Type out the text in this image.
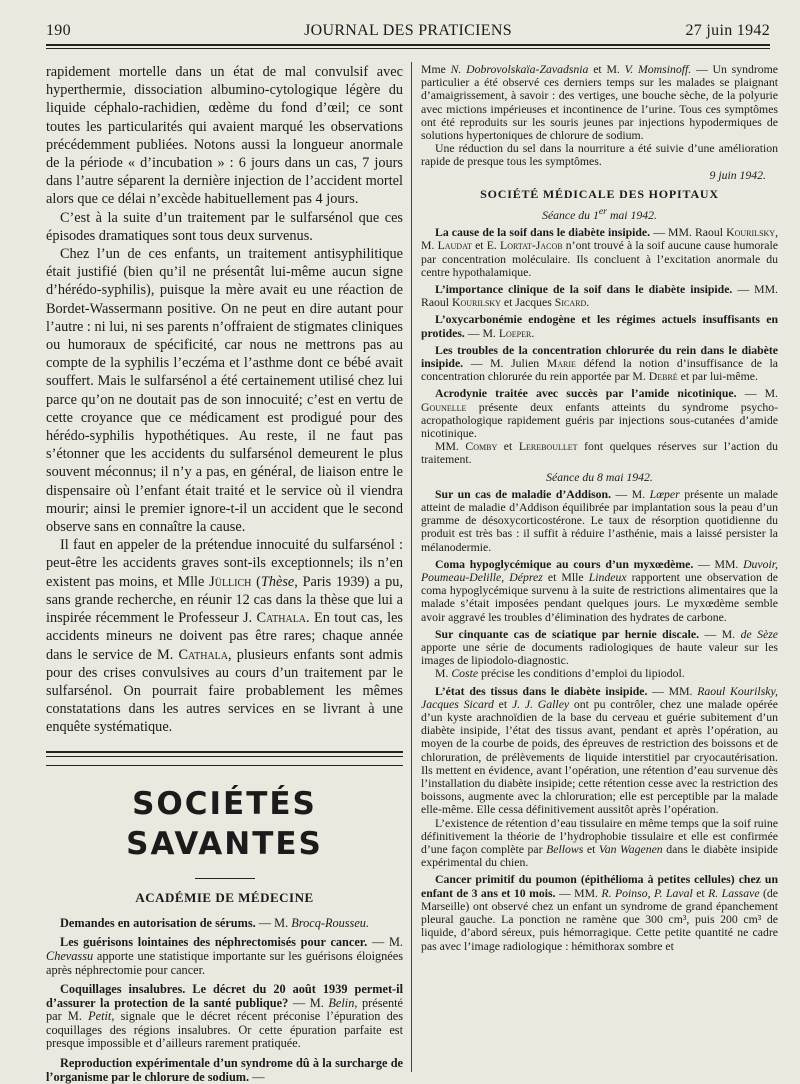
190	JOURNAL DES PRATICIENS	27 juin 1942

rapidement mortelle dans un état de mal convulsif avec hyperthermie, dissociation albumino-cytologique légère du liquide céphalo-rachidien, œdème du fond d’œil; ce sont toutes les particularités qui avaient marqué les observations précédemment publiées. Notons aussi la longueur anormale de la période « d’incubation » : 6 jours dans un cas, 7 jours dans l’autre séparent la dernière injection de l’accident mortel alors que ce délai n’excède habituellement pas 4 jours.

C’est à la suite d’un traitement par le sulfarsénol que ces épisodes dramatiques sont tous deux survenus.

Chez l’un de ces enfants, un traitement antisyphilitique était justifié (bien qu’il ne présentât lui-même aucun signe d’hérédo-syphilis), puisque la mère avait eu une réaction de Bordet-Wassermann positive. On ne peut en dire autant pour l’autre : ni lui, ni ses parents n’offraient de stigmates cliniques ou humoraux de spécificité, car nous ne mettrons pas au compte de la syphilis l’eczéma et l’asthme dont ce bébé avait souffert. Mais le sulfarsénol a été certainement utilisé chez lui parce qu’on ne doutait pas de son innocuité; c’est en vertu de cette croyance que ce médicament est prodigué pour des hérédo-syphilis hypothétiques. Au reste, il ne faut pas s’étonner que les accidents du sulfarsénol demeurent le plus souvent méconnus; il n’y a pas, en général, de liaison entre le dispensaire où l’enfant était traité et le service où il viendra mourir; ainsi le premier ignore-t-il un accident que le second observe sans en connaître la cause.

Il faut en appeler de la prétendue innocuité du sulfarsénol : peut-être les accidents graves sont-ils exceptionnels; ils n’en existent pas moins, et Mlle Jüllich (Thèse, Paris 1939) a pu, sans grande recherche, en réunir 12 cas dans la thèse que lui a inspirée récemment le Professeur J. Cathala. En tout cas, les accidents mineurs ne doivent pas être rares; chaque année dans le service de M. Cathala, plusieurs enfants sont admis pour des crises convulsives au cours d’un traitement par le sulfarsénol. On pourrait faire probablement les mêmes constatations dans les autres services en se livrant à une enquête systématique.

SOCIÉTÉS SAVANTES
ACADÉMIE DE MÉDECINE

Demandes en autorisation de sérums. — M. Brocq-Rousseu.

Les guérisons lointaines des néphrectomisés pour cancer. — M. Chevassu apporte une statistique importante sur les guérisons éloignées après néphrectomie pour cancer.

Coquillages insalubres. Le décret du 20 août 1939 permet-il d’assurer la protection de la santé publique? — M. Belin, présenté par M. Petit, signale que le décret récent préconise l’épuration des coquillages des régions insalubres. Or cette épuration parfaite est presque impossible et d’ailleurs rarement pratiquée.

Reproduction expérimentale d’un syndrome dû à la surcharge de l’organisme par le chlorure de sodium. —

Mme N. Dobrovolskaïa-Zavadsnia et M. V. Momsinoff. — Un syndrome particulier a été observé ces derniers temps sur les malades se plaignant d’amaigrissement, à savoir : des vertiges, une bouche sèche, de la polyurie avec mictions impérieuses et incontinence de l’urine. Tous ces symptômes ont été reproduits sur les souris jeunes par injections hypodermiques de solutions hypertoniques de chlorure de sodium.

Une réduction du sel dans la nourriture a été suivie d’une amélioration rapide de presque tous les symptômes.

9 juin 1942.

SOCIÉTÉ MÉDICALE DES HOPITAUX

Séance du 1er mai 1942.

La cause de la soif dans le diabète insipide. — MM. Raoul Kourilsky, M. Laudat et E. Lortat-Jacob n’ont trouvé à la soif aucune cause humorale par concentration moléculaire. Ils concluent à l’excitation anormale du centre hypothalamique.

L’importance clinique de la soif dans le diabète insipide. — MM. Raoul Kourilsky et Jacques Sicard.

L’oxycarbonémie endogène et les régimes actuels insuffisants en protides. — M. Loeper.

Les troubles de la concentration chlorurée du rein dans le diabète insipide. — M. Julien Marie défend la notion d’insuffisance de la concentration chlorurée du rein apportée par M. Debré et par lui-même.

Acrodynie traitée avec succès par l’amide nicotinique. — M. Gounelle présente deux enfants atteints du syndrome psycho-acropathologique rapidement guéris par injections sous-cutanées d’amide nicotinique.

MM. Comby et Lereboullet font quelques réserves sur l’action du traitement.

Séance du 8 mai 1942.

Sur un cas de maladie d’Addison. — M. Lœper présente un malade atteint de maladie d’Addison équilibrée par implantation sous la peau d’un gramme de désoxycorticostérone. Le taux de résorption quotidienne du produit est très bas : il suffit à réduire l’asthénie, mais a laissé persister la mélanodermie.

Coma hypoglycémique au cours d’un myxœdème. — MM. Duvoir, Poumeau-Delille, Déprez et Mlle Lindeux rapportent une observation de coma hypoglycémique survenu à la suite de restrictions alimentaires que la malade s’était imposées pendant quelques jours. Le myxœdème semble avoir aggravé les troubles d’élimination des hydrates de carbone.

Sur cinquante cas de sciatique par hernie discale. — M. de Sèze apporte une série de documents radiologiques de haute valeur sur les images de lipiodolo-diagnostic.

M. Coste précise les conditions d’emploi du lipiodol.

L’état des tissus dans le diabète insipide. — MM. Raoul Kourilsky, Jacques Sicard et J. J. Galley ont pu contrôler, chez une malade opérée d’un kyste arachnoïdien de la base du cerveau et guérie subitement d’un diabète insipide, l’état des tissus avant, pendant et après l’opération, au moyen de la courbe de poids, des épreuves de restriction des boissons et de chloruration, de prélèvements de liquide interstitiel par cryocautérisation. Ils mettent en évidence, avant l’opération, une rétention d’eau survenue dès l’installation du diabète insipide; cette rétention cesse avec la restriction des boissons, augmente avec la chloruration; elle est perceptible par la malade elle-même. Elle cessa définitivement aussitôt après l’opération.

L’existence de rétention d’eau tissulaire en même temps que la soif ruine définitivement la théorie de l’hydrophobie tissulaire et elle est confirmée d’une façon complète par Bellows et Van Wagenen dans le diabète insipide expérimental du chien.

Cancer primitif du poumon (épithélioma à petites cellules) chez un enfant de 3 ans et 10 mois. — MM. R. Poinso, P. Laval et R. Lassave (de Marseille) ont observé chez un enfant un syndrome de grand épanchement pleural gauche. La ponction ne ramène que 300 cm³, puis 200 cm³ de liquide, d’abord séreux, puis hémorragique. Cette petite quantité ne cadre pas avec l’image radiologique : hémithorax sombre et
